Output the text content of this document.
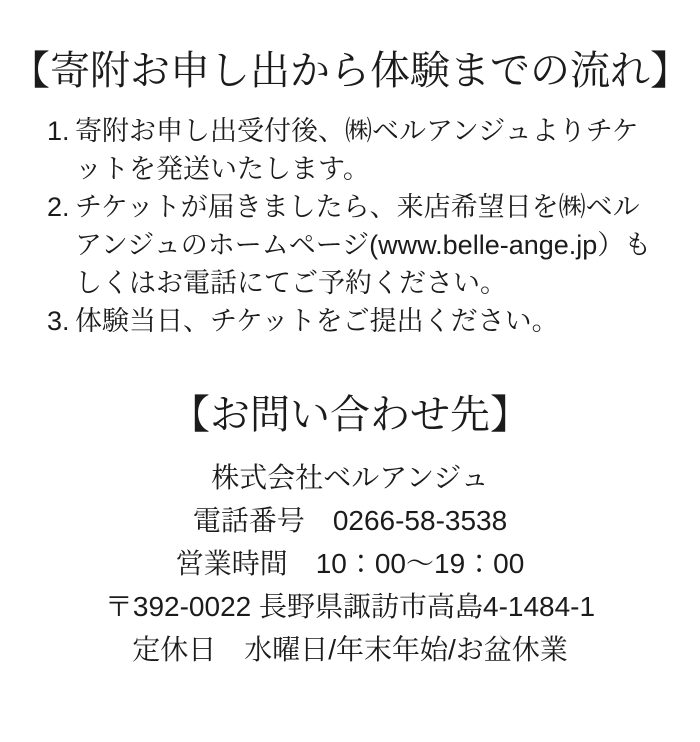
【寄附お申し出から体験までの流れ】
1. 寄附お申し出受付後、㈱ベルアンジュよりチケットを発送いたします。
2. チケットが届きましたら、来店希望日を㈱ベルアンジュのホームページ(www.belle-ange.jp）もしくはお電話にてご予約ください。
3. 体験当日、チケットをご提出ください。
【お問い合わせ先】
株式会社ベルアンジュ
電話番号　0266-58-3538
営業時間　10：00～19：00
〒392-0022 長野県諏訪市高島4-1484-1
定休日　水曜日/年末年始/お盆休業
